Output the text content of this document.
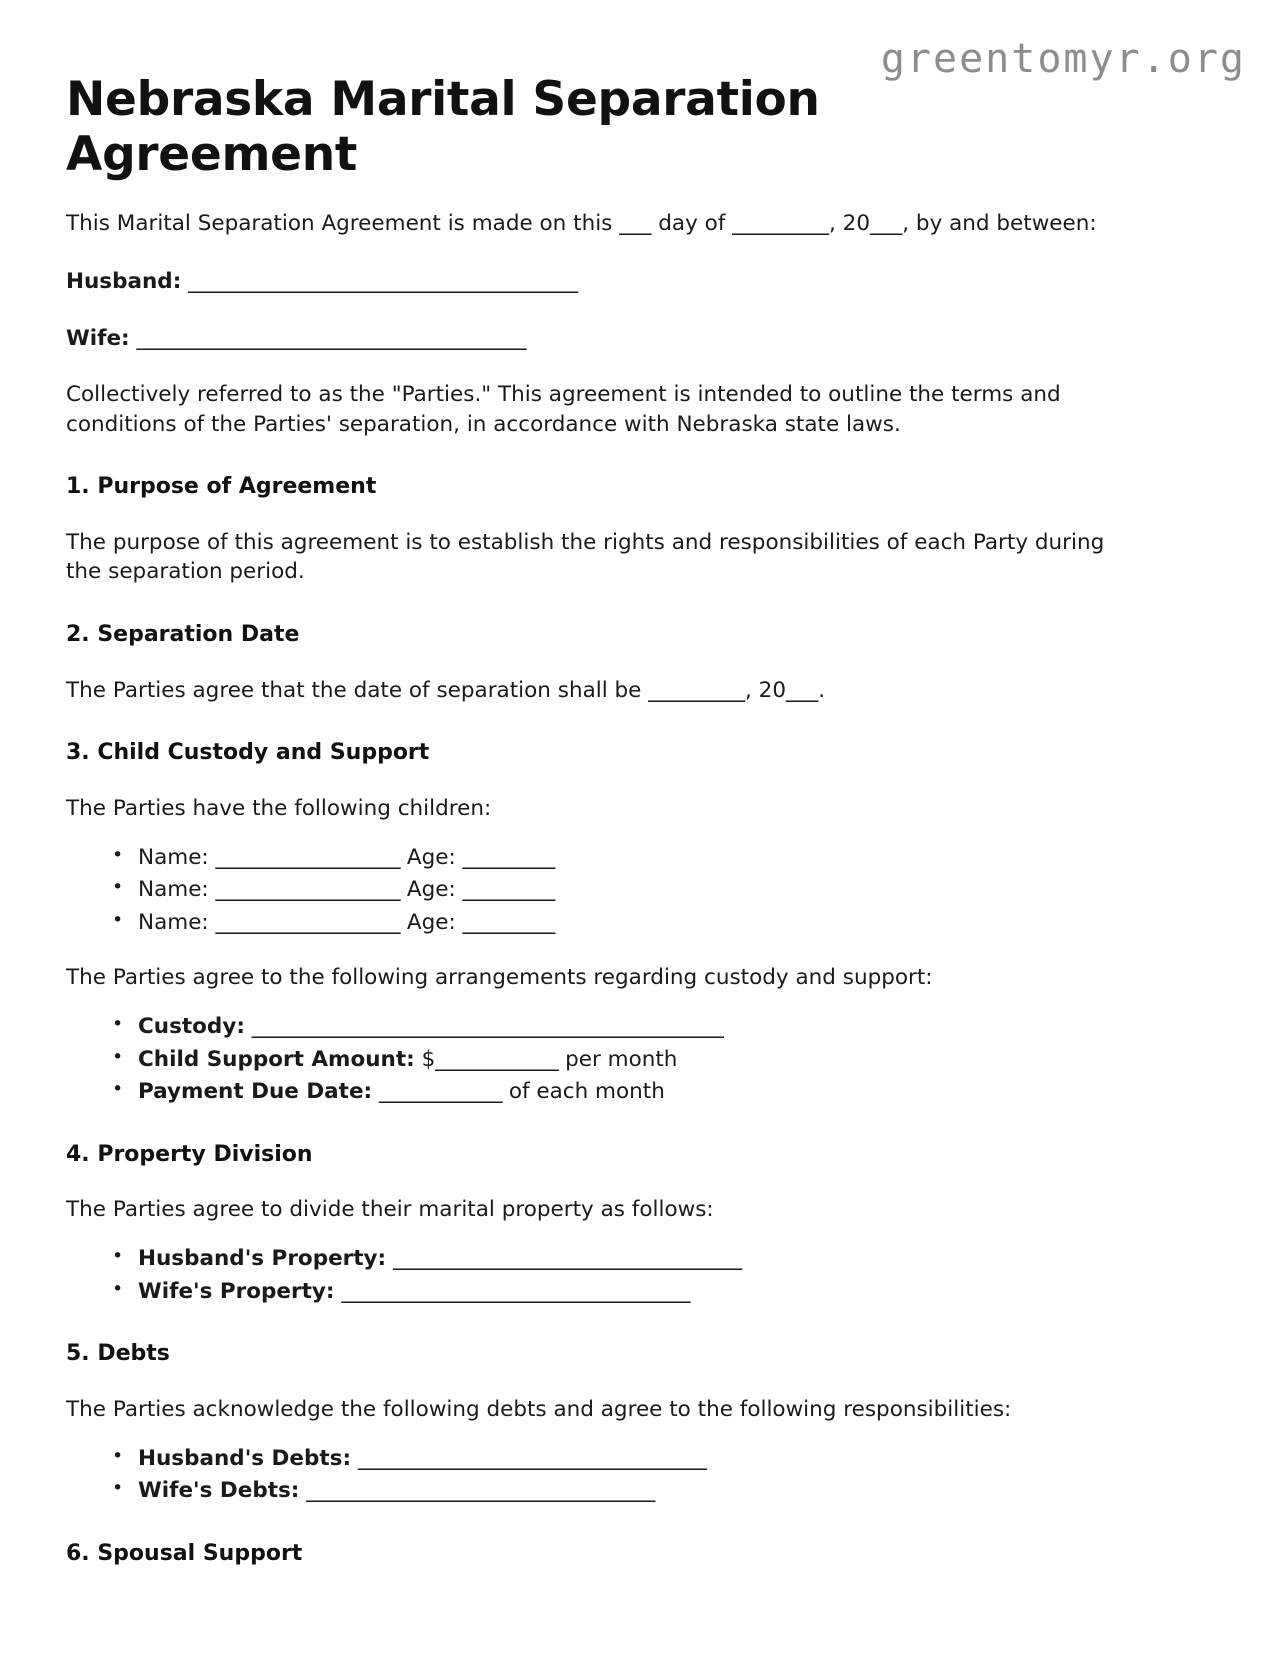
greentomyr.org
Nebraska Marital Separation Agreement

This Marital Separation Agreement is made on this ___ day of _________, 20___, by and between:

Husband: ______________________________________

Wife: ______________________________________

Collectively referred to as the "Parties." This agreement is intended to outline the terms and conditions of the Parties' separation, in accordance with Nebraska state laws.

1. Purpose of Agreement

The purpose of this agreement is to establish the rights and responsibilities of each Party during the separation period.

2. Separation Date

The Parties agree that the date of separation shall be _________, 20___.

3. Child Custody and Support

The Parties have the following children:

• Name: __________________ Age: _________
• Name: __________________ Age: _________
• Name: __________________ Age: _________

The Parties agree to the following arrangements regarding custody and support:

• Custody: ______________________________________________
• Child Support Amount: $____________ per month
• Payment Due Date: ____________ of each month
4. Property Division

The Parties agree to divide their marital property as follows:

• Husband's Property: __________________________________
• Wife's Property: __________________________________
5. Debts

The Parties acknowledge the following debts and agree to the following responsibilities:

• Husband's Debts: __________________________________
• Wife's Debts: __________________________________
6. Spousal Support
